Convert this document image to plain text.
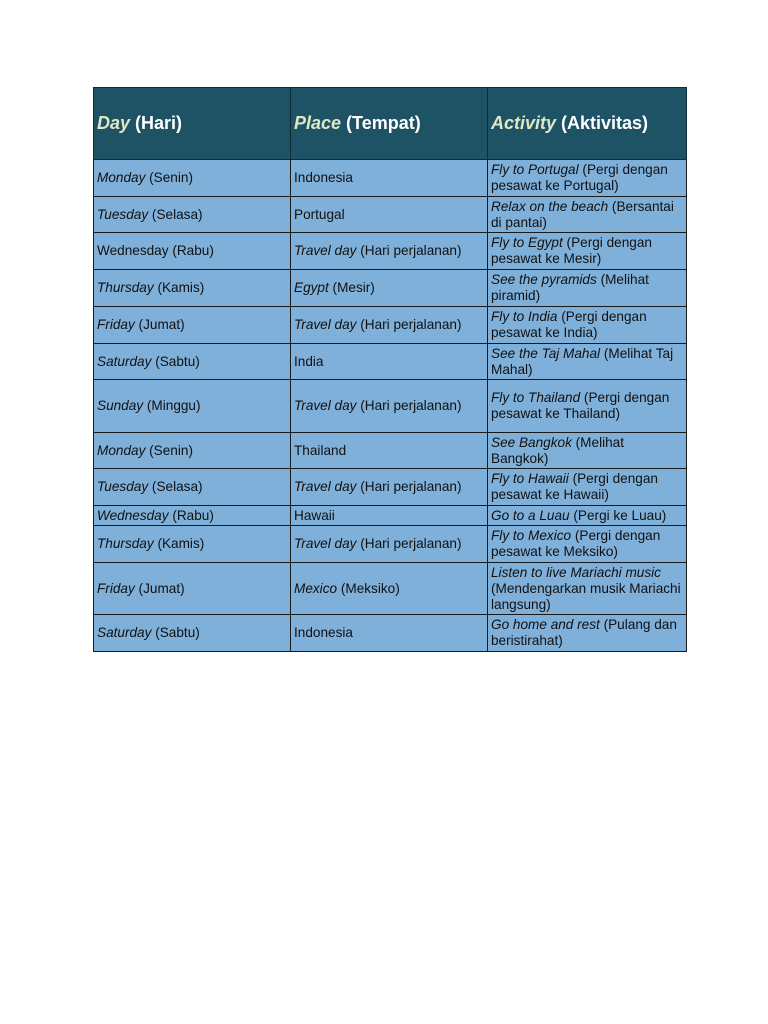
Day (Hari)	Place (Tempat)	Activity (Aktivitas)
Monday (Senin)	Indonesia	Fly to Portugal (Pergi dengan pesawat ke Portugal)
Tuesday (Selasa)	Portugal	Relax on the beach (Bersantai di pantai)
Wednesday (Rabu)	Travel day (Hari perjalanan)	Fly to Egypt (Pergi dengan pesawat ke Mesir)
Thursday (Kamis)	Egypt (Mesir)	See the pyramids (Melihat piramid)
Friday (Jumat)	Travel day (Hari perjalanan)	Fly to India (Pergi dengan pesawat ke India)
Saturday (Sabtu)	India	See the Taj Mahal (Melihat Taj Mahal)
Sunday (Minggu)	Travel day (Hari perjalanan)	Fly to Thailand (Pergi dengan pesawat ke Thailand)
Monday (Senin)	Thailand	See Bangkok (Melihat Bangkok)
Tuesday (Selasa)	Travel day (Hari perjalanan)	Fly to Hawaii (Pergi dengan pesawat ke Hawaii)
Wednesday (Rabu)	Hawaii	Go to a Luau (Pergi ke Luau)
Thursday (Kamis)	Travel day (Hari perjalanan)	Fly to Mexico (Pergi dengan pesawat ke Meksiko)
Friday (Jumat)	Mexico (Meksiko)	Listen to live Mariachi music (Mendengarkan musik Mariachi langsung)
Saturday (Sabtu)	Indonesia	Go home and rest (Pulang dan beristirahat)
